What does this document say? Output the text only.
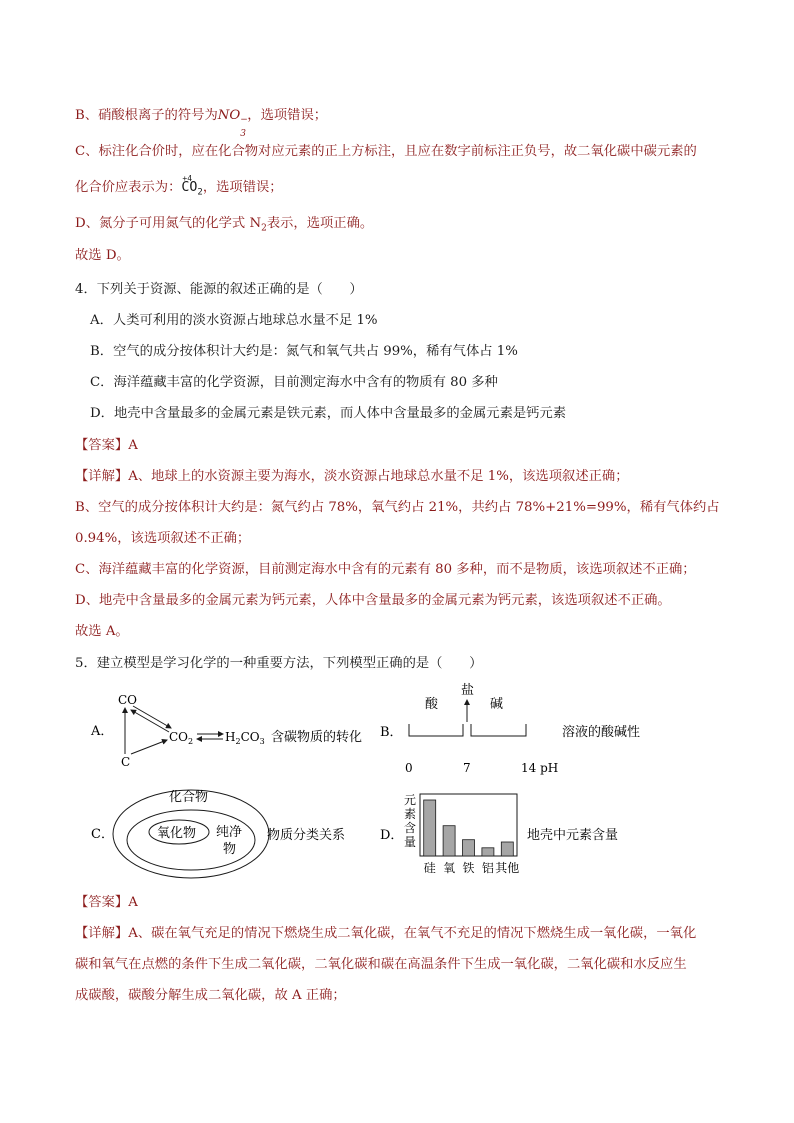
B、硝酸根离子的符号为NO −
3
，选项错误；
C、标注化合价时，应在化合物对应元素的正上方标注，且应在数字前标注正负号，故二氧化碳中碳元素的
化合价应表示为：
+4
$CO_2$，选项错误；
D、氮分子可用氮气的化学式 $N_2$表示，选项正确。
故选 D。
4．下列关于资源、能源的叙述正确的是（　　）
A．人类可利用的淡水资源占地球总水量不足 1%
B．空气的成分按体积计大约是：氮气和氧气共占 99%，稀有气体占 1%
C．海洋蕴藏丰富的化学资源，目前测定海水中含有的物质有 80 多种
D．地壳中含量最多的金属元素是铁元素，而人体中含量最多的金属元素是钙元素
【答案】A
【详解】A、地球上的水资源主要为海水，淡水资源占地球总水量不足 1%，该选项叙述正确；
B、空气的成分按体积计大约是：氮气约占 78%，氧气约占 21%，共约占 78%+21%=99%，稀有气体约占
0.94%，该选项叙述不正确；
C、海洋蕴藏丰富的化学资源，目前测定海水中含有的元素有 80 多种，而不是物质，该选项叙述不正确；
D、地壳中含量最多的金属元素为钙元素，人体中含量最多的金属元素为钙元素，该选项叙述不正确。
故选 A。
5．建立模型是学习化学的一种重要方法，下列模型正确的是（　　）
A．
CO
$CO_2$	$H_2CO_3$
C
含碳物质的转化 B．
酸
盐
碱
0	7	14 pH
溶液的酸碱性
C．
化合物
氧化物 纯净
物
物质分类关系	D．
元
素
含
量
硅 氧 铁 铝 其他
地壳中元素含量
【答案】A
【详解】A、碳在氧气充足的情况下燃烧生成二氧化碳，在氧气不充足的情况下燃烧生成一氧化碳，一氧化
碳和氧气在点燃的条件下生成二氧化碳，二氧化碳和碳在高温条件下生成一氧化碳，二氧化碳和水反应生
成碳酸，碳酸分解生成二氧化碳，故 A 正确；
